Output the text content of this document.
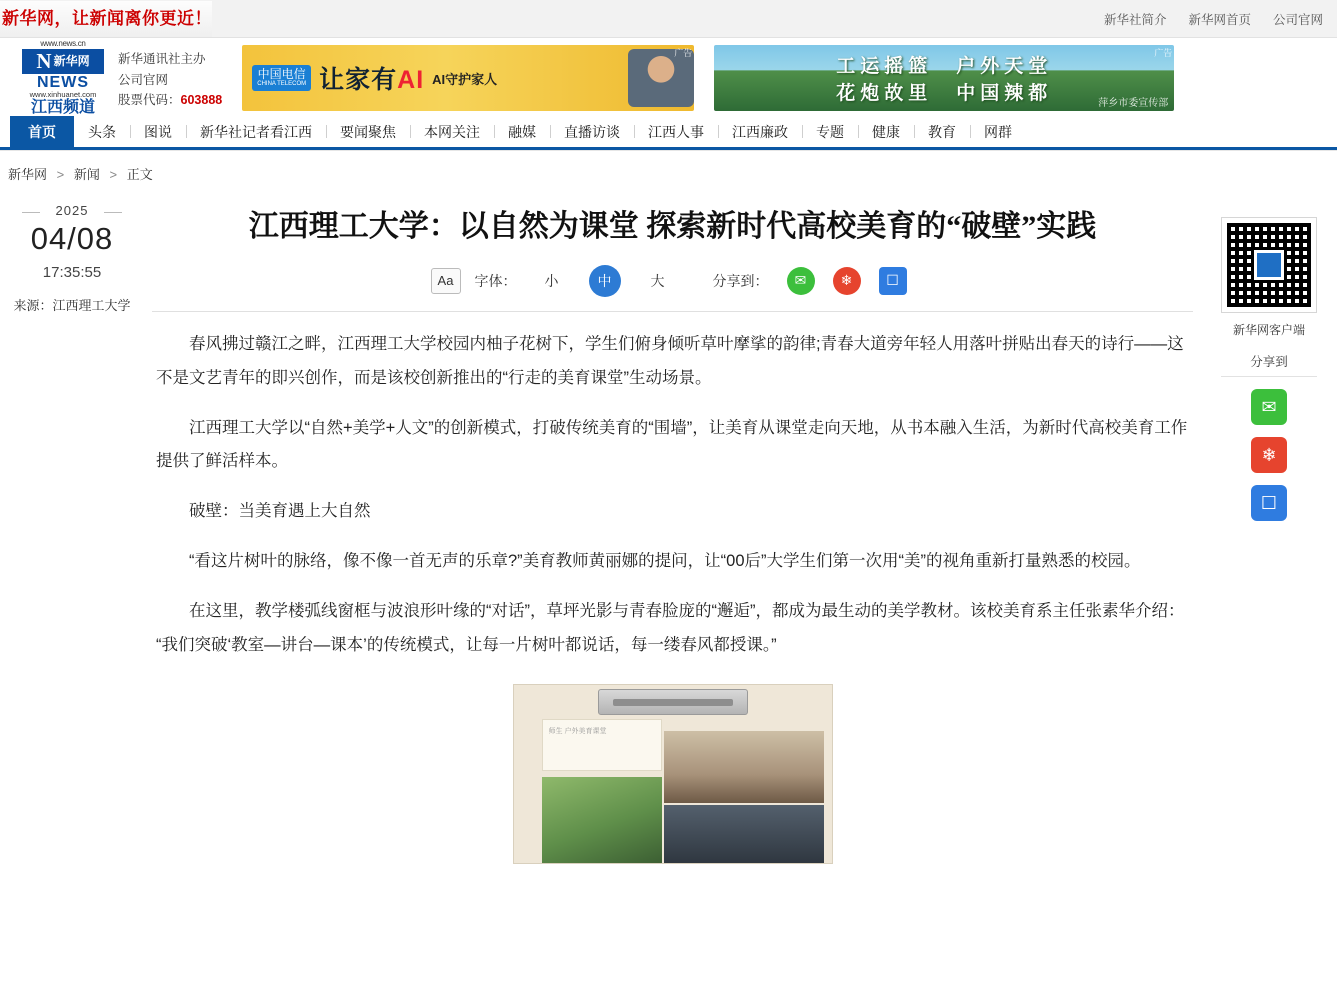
新华网，让新闻离你更近！	新华社简介 新华网首页 公司官网
www.news.cn
N 新华网
NEWS
www.xinhuanet.com
江西频道
新华通讯社主办
公司官网
股票代码：603888
广告
中国电信
CHINA TELECOM 让家有AI AI守护家人
广告
工运摇篮　户外天堂
花炮故里　中国辣都	萍乡市委宣传部
首页	头条	图说	新华社记者看江西	要闻聚焦	本网关注	融媒	直播访谈	江西人事	江西廉政	专题	健康	教育	网群
新华网 > 新闻 > 正文
2025
04/08
17:35:55
来源：江西理工大学
江西理工大学：以自然为课堂 探索新时代高校美育的“破壁”实践
Aa	字体：	小	中	大	分享到：	✉	❄	☐

春风拂过赣江之畔，江西理工大学校园内柚子花树下，学生们俯身倾听草叶摩挲的韵律;青春大道旁年轻人用落叶拼贴出春天的诗行——这不是文艺青年的即兴创作，而是该校创新推出的“行走的美育课堂”生动场景。

江西理工大学以“自然+美学+人文”的创新模式，打破传统美育的“围墙”，让美育从课堂走向天地，从书本融入生活，为新时代高校美育工作提供了鲜活样本。

破壁：当美育遇上大自然

“看这片树叶的脉络，像不像一首无声的乐章?”美育教师黄丽娜的提问，让“00后”大学生们第一次用“美”的视角重新打量熟悉的校园。

在这里，教学楼弧线窗框与波浪形叶缘的“对话”，草坪光影与青春脸庞的“邂逅”，都成为最生动的美学教材。该校美育系主任张素华介绍：“我们突破‘教室—讲台—课本’的传统模式，让每一片树叶都说话，每一缕春风都授课。”

师生 户外美育课堂
新华网客户端
分享到
✉
❄
☐
